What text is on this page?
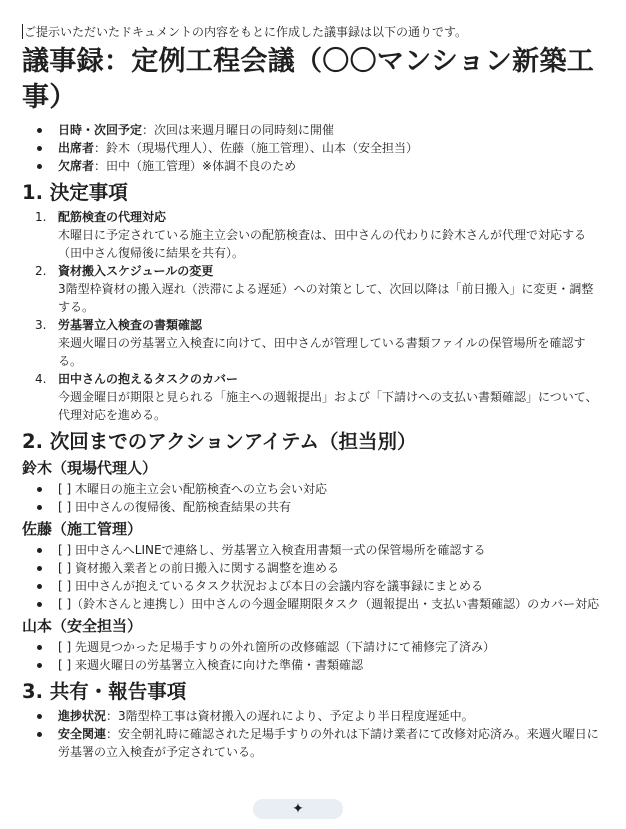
ご提示いただいたドキュメントの内容をもとに作成した議事録は以下の通りです。

議事録：定例工程会議（〇〇マンション新築工事）
日時・次回予定：次回は来週月曜日の同時刻に開催
出席者：鈴木（現場代理人）、佐藤（施工管理）、山本（安全担当）
欠席者：田中（施工管理）※体調不良のため
1. 決定事項
1. 配筋検査の代理対応
木曜日に予定されている施主立会いの配筋検査は、田中さんの代わりに鈴木さんが代理で対応する（田中さん復帰後に結果を共有）。
2. 資材搬入スケジュールの変更
3階型枠資材の搬入遅れ（渋滞による遅延）への対策として、次回以降は「前日搬入」に変更・調整する。
3. 労基署立入検査の書類確認
来週火曜日の労基署立入検査に向けて、田中さんが管理している書類ファイルの保管場所を確認する。
4. 田中さんの抱えるタスクのカバー
今週金曜日が期限と見られる「施主への週報提出」および「下請けへの支払い書類確認」について、代理対応を進める。
2. 次回までのアクションアイテム（担当別）
鈴木（現場代理人）
[ ] 木曜日の施主立会い配筋検査への立ち会い対応
[ ] 田中さんの復帰後、配筋検査結果の共有
佐藤（施工管理）
[ ] 田中さんへLINEで連絡し、労基署立入検査用書類一式の保管場所を確認する
[ ] 資材搬入業者との前日搬入に関する調整を進める
[ ] 田中さんが抱えているタスク状況および本日の会議内容を議事録にまとめる
[ ]（鈴木さんと連携し）田中さんの今週金曜期限タスク（週報提出・支払い書類確認）のカバー対応
山本（安全担当）
[ ] 先週見つかった足場手すりの外れ箇所の改修確認（下請けにて補修完了済み）
[ ] 来週火曜日の労基署立入検査に向けた準備・書類確認
3. 共有・報告事項
進捗状況：3階型枠工事は資材搬入の遅れにより、予定より半日程度遅延中。
安全関連：安全朝礼時に確認された足場手すりの外れは下請け業者にて改修対応済み。来週火曜日に労基署の立入検査が予定されている。
✦
